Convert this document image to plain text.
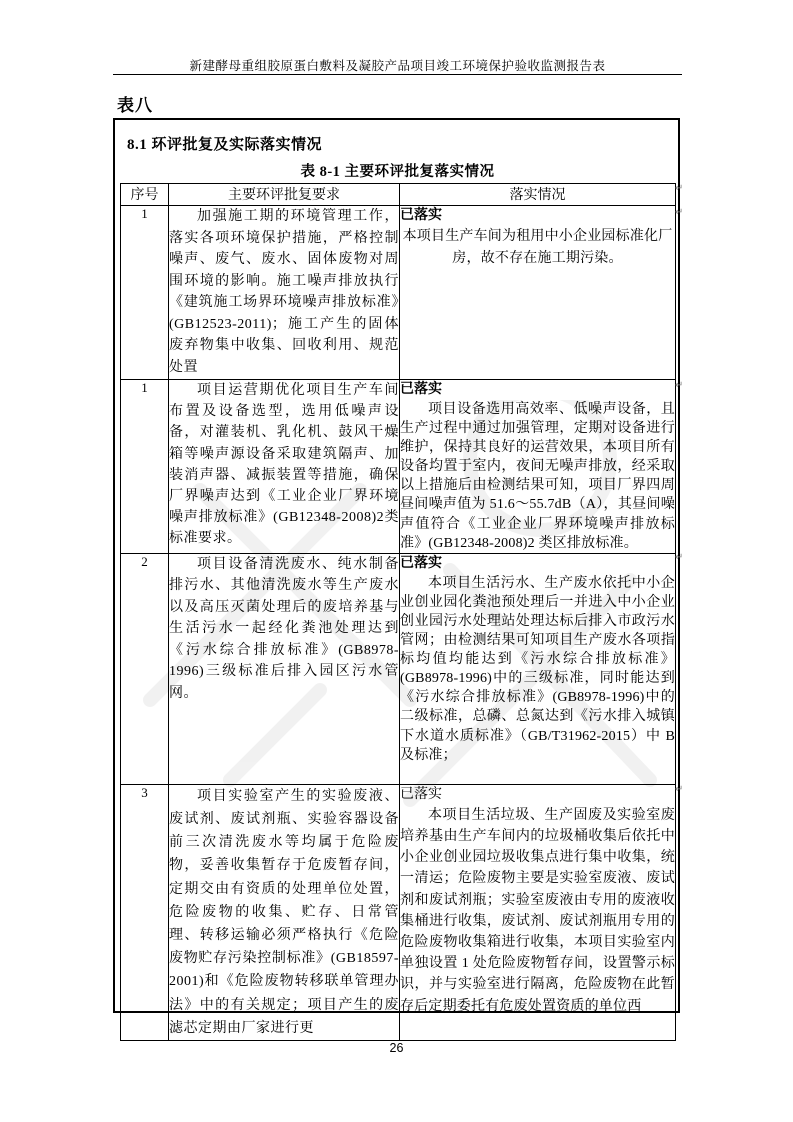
新建酵母重组胶原蛋白敷料及凝胶产品项目竣工环境保护验收监测报告表
表八
8.1 环评批复及实际落实情况
表 8-1 主要环评批复落实情况
序号	主要环评批复要求	落实情况
1	加强施工期的环境管理工作，落实各项环境保护措施，严格控制噪声、废气、废水、固体废物对周围环境的影响。施工噪声排放执行《建筑施工场界环境噪声排放标准》(GB12523-2011)；施工产生的固体废弃物集中收集、回收利用、规范处置	已落实
本项目生产车间为租用中小企业园标准化厂房，故不存在施工期污染。

1	项目运营期优化项目生产车间布置及设备选型，选用低噪声设备，对灌装机、乳化机、鼓风干燥箱等噪声源设备采取建筑隔声、加装消声器、减振装置等措施，确保厂界噪声达到《工业企业厂界环境噪声排放标准》(GB12348-2008)2类标准要求。	已落实
项目设备选用高效率、低噪声设备，且生产过程中通过加强管理，定期对设备进行维护，保持其良好的运营效果，本项目所有设备均置于室内，夜间无噪声排放，经采取以上措施后由检测结果可知，项目厂界四周昼间噪声值为 51.6～55.7dB（A），其昼间噪声值符合《工业企业厂界环境噪声排放标准》(GB12348-2008)2 类区排放标准。

2	项目设备清洗废水、纯水制备排污水、其他清洗废水等生产废水以及高压灭菌处理后的废培养基与生活污水一起经化粪池处理达到《污水综合排放标准》(GB8978-1996)三级标准后排入园区污水管网。	已落实
本项目生活污水、生产废水依托中小企业创业园化粪池预处理后一并进入中小企业创业园污水处理站处理达标后排入市政污水管网；由检测结果可知项目生产废水各项指标均值均能达到《污水综合排放标准》(GB8978-1996)中的三级标准，同时能达到《污水综合排放标准》(GB8978-1996)中的二级标准，总磷、总氮达到《污水排入城镇下水道水质标准》（GB/T31962-2015）中 B 及标准；

3	项目实验室产生的实验废液、废试剂、废试剂瓶、实验容器设备前三次清洗废水等均属于危险废物，妥善收集暂存于危废暂存间，定期交由有资质的处理单位处置，危险废物的收集、贮存、日常管理、转移运输必须严格执行《危险废物贮存污染控制标准》(GB18597-2001)和《危险废物转移联单管理办法》中的有关规定；项目产生的废滤芯定期由厂家进行更	已落实
本项目生活垃圾、生产固废及实验室废培养基由生产车间内的垃圾桶收集后依托中小企业创业园垃圾收集点进行集中收集，统一清运；危险废物主要是实验室废液、废试剂和废试剂瓶；实验室废液由专用的废液收集桶进行收集，废试剂、废试剂瓶用专用的危险废物收集箱进行收集，本项目实验室内单独设置 1 处危险废物暂存间，设置警示标识，并与实验室进行隔离，危险废物在此暂存后定期委托有危废处置资质的单位西
↵
↵
↵
↵
↵
26
